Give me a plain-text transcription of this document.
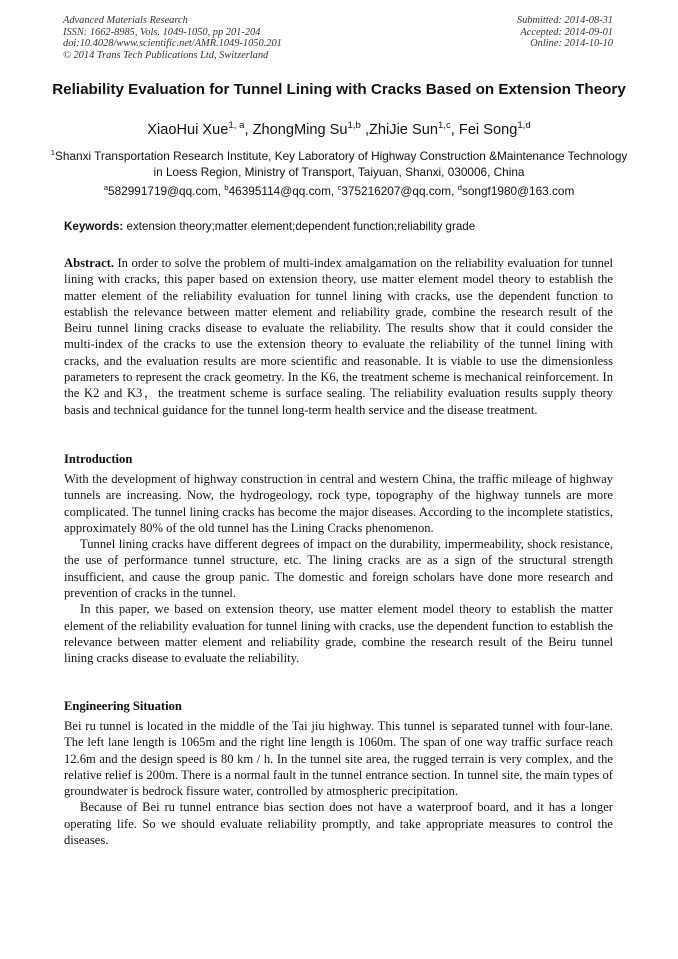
Advanced Materials Research
ISSN: 1662-8985, Vols. 1049-1050, pp 201-204
doi:10.4028/www.scientific.net/AMR.1049-1050.201
© 2014 Trans Tech Publications Ltd, Switzerland
Submitted: 2014-08-31
Accepted: 2014-09-01
Online: 2014-10-10
Reliability Evaluation for Tunnel Lining with Cracks Based on Extension Theory
XiaoHui Xue$^{1, a}$, ZhongMing Su$^{1,b}$ ,ZhiJie Sun$^{1,c}$, Fei Song$^{1,d}$
$^1$Shanxi Transportation Research Institute, Key Laboratory of Highway Construction &Maintenance Technology in Loess Region, Ministry of Transport, Taiyuan, Shanxi, 030006, China
$^a$582991719@qq.com, $^b$46395114@qq.com, $^c$375216207@qq.com, $^d$songf1980@163.com
Keywords: extension theory;matter element;dependent function;reliability grade

Abstract. In order to solve the problem of multi-index amalgamation on the reliability evaluation for tunnel lining with cracks, this paper based on extension theory, use matter element model theory to establish the matter element of the reliability evaluation for tunnel lining with cracks, use the dependent function to establish the relevance between matter element and reliability grade, combine the research result of the Beiru tunnel lining cracks disease to evaluate the reliability. The results show that it could consider the multi-index of the cracks to use the extension theory to evaluate the reliability of the tunnel lining with cracks, and the evaluation results are more scientific and reasonable. It is viable to use the dimensionless parameters to represent the crack geometry. In the K6, the treatment scheme is mechanical reinforcement. In the K2 and K3，the treatment scheme is surface sealing. The reliability evaluation results supply theory basis and technical guidance for the tunnel long-term health service and the disease treatment.

Introduction

With the development of highway construction in central and western China, the traffic mileage of highway tunnels are increasing. Now, the hydrogeology, rock type, topography of the highway tunnels are more complicated. The tunnel lining cracks has become the major diseases. According to the incomplete statistics, approximately 80% of the old tunnel has the Lining Cracks phenomenon.

Tunnel lining cracks have different degrees of impact on the durability, impermeability, shock resistance, the use of performance tunnel structure, etc. The lining cracks are as a sign of the structural strength insufficient, and cause the group panic. The domestic and foreign scholars have done more research and prevention of cracks in the tunnel.

In this paper, we based on extension theory, use matter element model theory to establish the matter element of the reliability evaluation for tunnel lining with cracks, use the dependent function to establish the relevance between matter element and reliability grade, combine the research result of the Beiru tunnel lining cracks disease to evaluate the reliability.

Engineering Situation

Bei ru tunnel is located in the middle of the Tai jiu highway. This tunnel is separated tunnel with four-lane. The left lane length is 1065m and the right line length is 1060m. The span of one way traffic surface reach 12.6m and the design speed is 80 km / h. In the tunnel site area, the rugged terrain is very complex, and the relative relief is 200m. There is a normal fault in the tunnel entrance section. In tunnel site, the main types of groundwater is bedrock fissure water, controlled by atmospheric precipitation.

Because of Bei ru tunnel entrance bias section does not have a waterproof board, and it has a longer operating life. So we should evaluate reliability promptly, and take appropriate measures to control the diseases.
